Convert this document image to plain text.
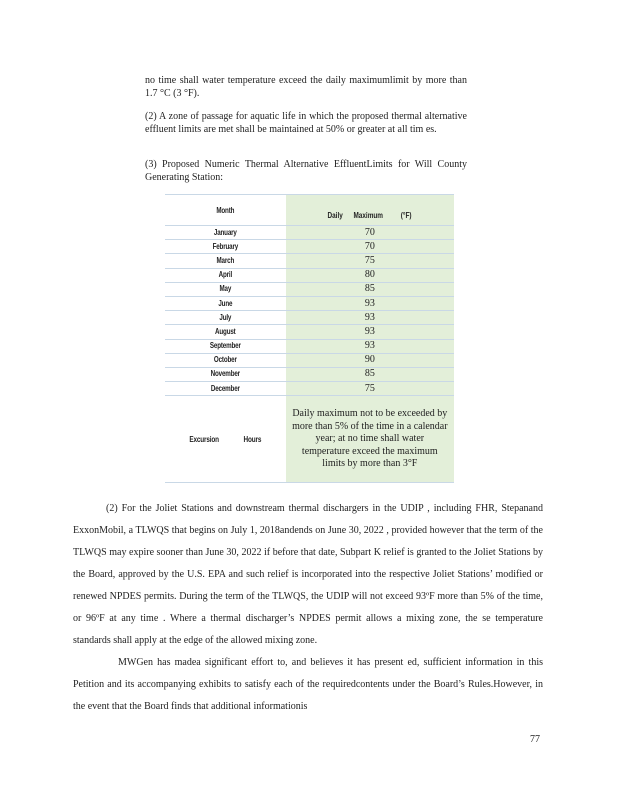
no time shall water temperature exceed the daily maximumlimit by more than 1.7 °C (3 °F).
(2) A zone of passage for aquatic life in which the proposed thermal alternative effluent limits are met shall be maintained at 50% or greater at all tim es.
(3) Proposed Numeric Thermal Alternative EffluentLimits for Will County Generating Station:
Month	Daily Maximum (°F)
January	70
February	70
March	75
April	80
May	85
June	93
July	93
August	93
September	93
October	90
November	85
December	75

Excursion Hours	Daily maximum not to be exceeded by more than 5% of the time in a calendar year; at no time shall water temperature exceed the maximum limits by more than 3°F
(2) For the Joliet Stations and downstream thermal dischargers in the UDIP , including FHR, Stepanand ExxonMobil, a TLWQS that begins on July 1, 2018andends on June 30, 2022 , provided however that the term of the TLWQS may expire sooner than June 30, 2022 if before that date, Subpart K relief is granted to the Joliet Stations by the Board, approved by the U.S. EPA and such relief is incorporated into the respective Joliet Stations’ modified or renewed NPDES permits. During the term of the TLWQS, the UDIP will not exceed 93ºF more than 5% of the time, or 96ºF at any time . Where a thermal discharger’s NPDES permit allows a mixing zone, the se temperature standards shall apply at the edge of the allowed mixing zone.
MWGen has madea significant effort to, and believes it has present ed, sufficient information in this Petition and its accompanying exhibits to satisfy each of the requiredcontents under the Board’s Rules.However, in the event that the Board finds that additional informationis
77
